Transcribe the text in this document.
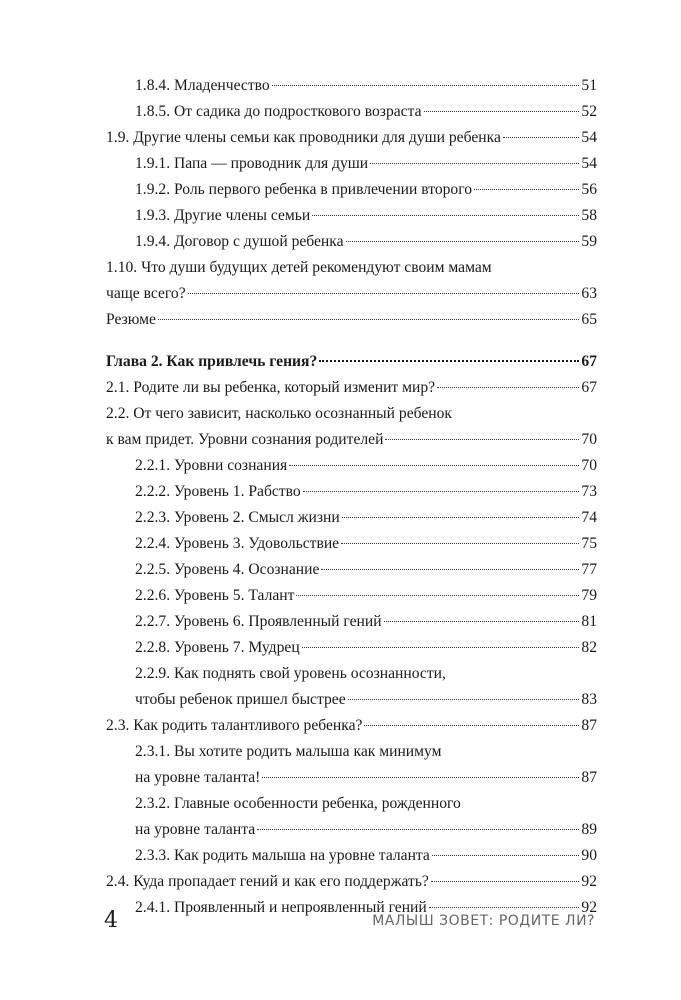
1.8.4. Младенчество	51
1.8.5. От садика до подросткового возраста	52
1.9. Другие члены семьи как проводники для души ребенка	54
1.9.1. Папа — проводник для души	54
1.9.2. Роль первого ребенка в привлечении второго	56
1.9.3. Другие члены семьи	58
1.9.4. Договор с душой ребенка	59
1.10. Что души будущих детей рекомендуют своим мамам
чаще всего?	63
Резюме	65
Глава 2. Как привлечь гения?	67
2.1. Родите ли вы ребенка, который изменит мир?	67
2.2. От чего зависит, насколько осознанный ребенок
к вам придет. Уровни сознания родителей	70
2.2.1. Уровни сознания	70
2.2.2. Уровень 1. Рабство	73
2.2.3. Уровень 2. Смысл жизни	74
2.2.4. Уровень 3. Удовольствие	75
2.2.5. Уровень 4. Осознание	77
2.2.6. Уровень 5. Талант	79
2.2.7. Уровень 6. Проявленный гений	81
2.2.8. Уровень 7. Мудрец	82
2.2.9. Как поднять свой уровень осознанности,
чтобы ребенок пришел быстрее	83
2.3. Как родить талантливого ребенка?	87
2.3.1. Вы хотите родить малыша как минимум
на уровне таланта!	87
2.3.2. Главные особенности ребенка, рожденного
на уровне таланта	89
2.3.3. Как родить малыша на уровне таланта	90
2.4. Куда пропадает гений и как его поддержать?	92
2.4.1. Проявленный и непроявленный гений	92
4	МАЛЫШ ЗОВЕТ: РОДИТЕ ЛИ?
